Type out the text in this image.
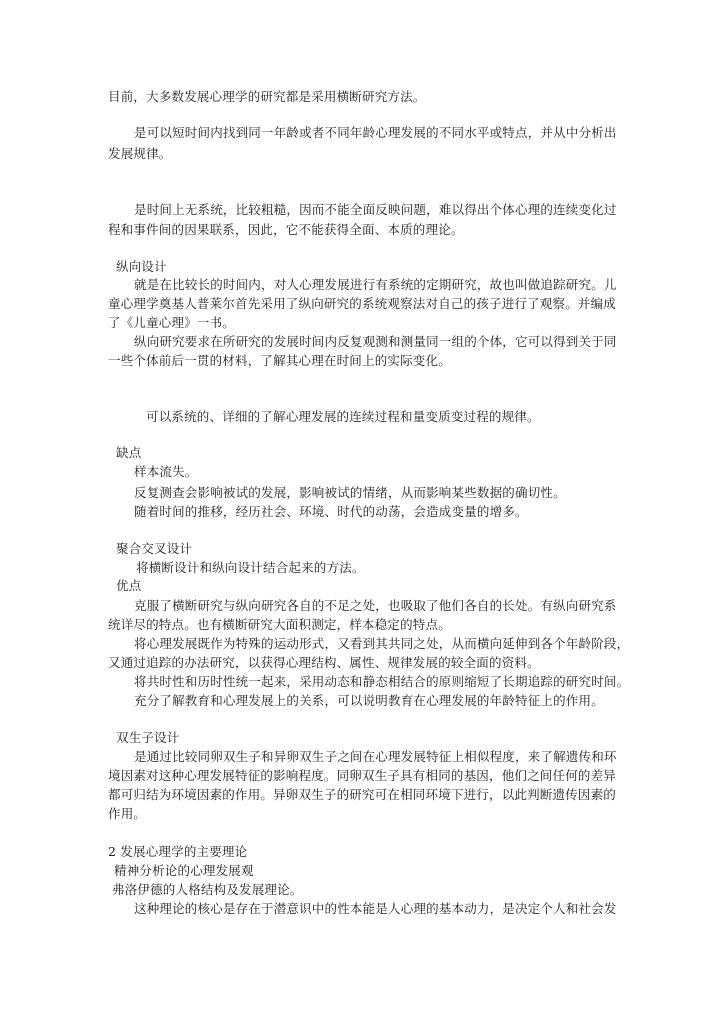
目前，大多数发展心理学的研究都是采用横断研究方法。
是可以短时间内找到同一年龄或者不同年龄心理发展的不同水平或特点，并从中分析出
发展规律。
是时间上无系统，比较粗糙，因而不能全面反映问题，难以得出个体心理的连续变化过
程和事件间的因果联系，因此，它不能获得全面、本质的理论。
纵向设计
就是在比较长的时间内，对人心理发展进行有系统的定期研究，故也叫做追踪研究。儿
童心理学奠基人普莱尔首先采用了纵向研究的系统观察法对自己的孩子进行了观察。并编成
了《儿童心理》一书。
纵向研究要求在所研究的发展时间内反复观测和测量同一组的个体，它可以得到关于同
一些个体前后一贯的材料，了解其心理在时间上的实际变化。
可以系统的、详细的了解心理发展的连续过程和量变质变过程的规律。
缺点
样本流失。
反复测查会影响被试的发展，影响被试的情绪，从而影响某些数据的确切性。
随着时间的推移，经历社会、环境、时代的动荡，会造成变量的增多。
聚合交叉设计
将横断设计和纵向设计结合起来的方法。
优点
克服了横断研究与纵向研究各自的不足之处，也吸取了他们各自的长处。有纵向研究系
统详尽的特点。也有横断研究大面积测定，样本稳定的特点。
将心理发展既作为特殊的运动形式，又看到其共同之处，从而横向延伸到各个年龄阶段，
又通过追踪的办法研究，以获得心理结构、属性、规律发展的较全面的资料。
将共时性和历时性统一起来，采用动态和静态相结合的原则缩短了长期追踪的研究时间。
充分了解教育和心理发展上的关系，可以说明教育在心理发展的年龄特征上的作用。
双生子设计
是通过比较同卵双生子和异卵双生子之间在心理发展特征上相似程度，来了解遗传和环
境因素对这种心理发展特征的影响程度。同卵双生子具有相同的基因，他们之间任何的差异
都可归结为环境因素的作用。异卵双生子的研究可在相同环境下进行，以此判断遗传因素的
作用。
2 发展心理学的主要理论
精神分析论的心理发展观
弗洛伊德的人格结构及发展理论。
这种理论的核心是存在于潜意识中的性本能是人心理的基本动力，是决定个人和社会发
